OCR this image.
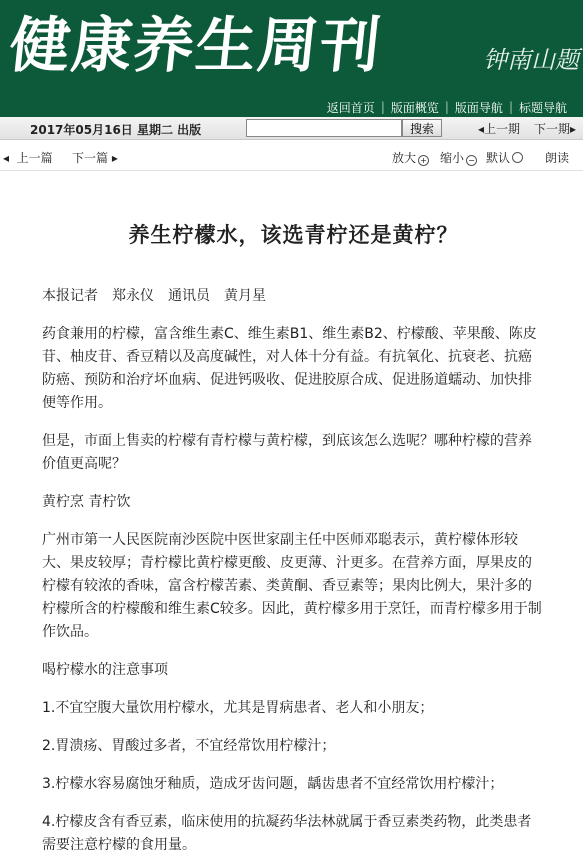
健康养生周刊	钟南山题
返回首页 | 版面概览 | 版面导航 | 标题导航
2017年05月16日 星期二 出版	搜索	◂上一期 下一期▸
◂ 上一篇 下一篇 ▸	放大 + 缩小 − 默认	朗读
养生柠檬水，该选青柠还是黄柠？

本报记者　郑永仪　通讯员　黄月星

药食兼用的柠檬，富含维生素C、维生素B1、维生素B2、柠檬酸、苹果酸、陈皮苷、柚皮苷、香豆精以及高度碱性，对人体十分有益。有抗氧化、抗衰老、抗癌防癌、预防和治疗坏血病、促进钙吸收、促进胶原合成、促进肠道蠕动、加快排便等作用。

但是，市面上售卖的柠檬有青柠檬与黄柠檬，到底该怎么选呢？哪种柠檬的营养价值更高呢？

黄柠烹 青柠饮

广州市第一人民医院南沙医院中医世家副主任中医师邓聪表示，黄柠檬体形较大、果皮较厚；青柠檬比黄柠檬更酸、皮更薄、汁更多。在营养方面，厚果皮的柠檬有较浓的香味，富含柠檬苦素、类黄酮、香豆素等；果肉比例大，果汁多的柠檬所含的柠檬酸和维生素C较多。因此，黄柠檬多用于烹饪，而青柠檬多用于制作饮品。

喝柠檬水的注意事项

1.不宜空腹大量饮用柠檬水，尤其是胃病患者、老人和小朋友；

2.胃溃疡、胃酸过多者，不宜经常饮用柠檬汁；

3.柠檬水容易腐蚀牙釉质，造成牙齿问题，龋齿患者不宜经常饮用柠檬汁；

4.柠檬皮含有香豆素，临床使用的抗凝药华法林就属于香豆素类药物，此类患者需要注意柠檬的食用量。
